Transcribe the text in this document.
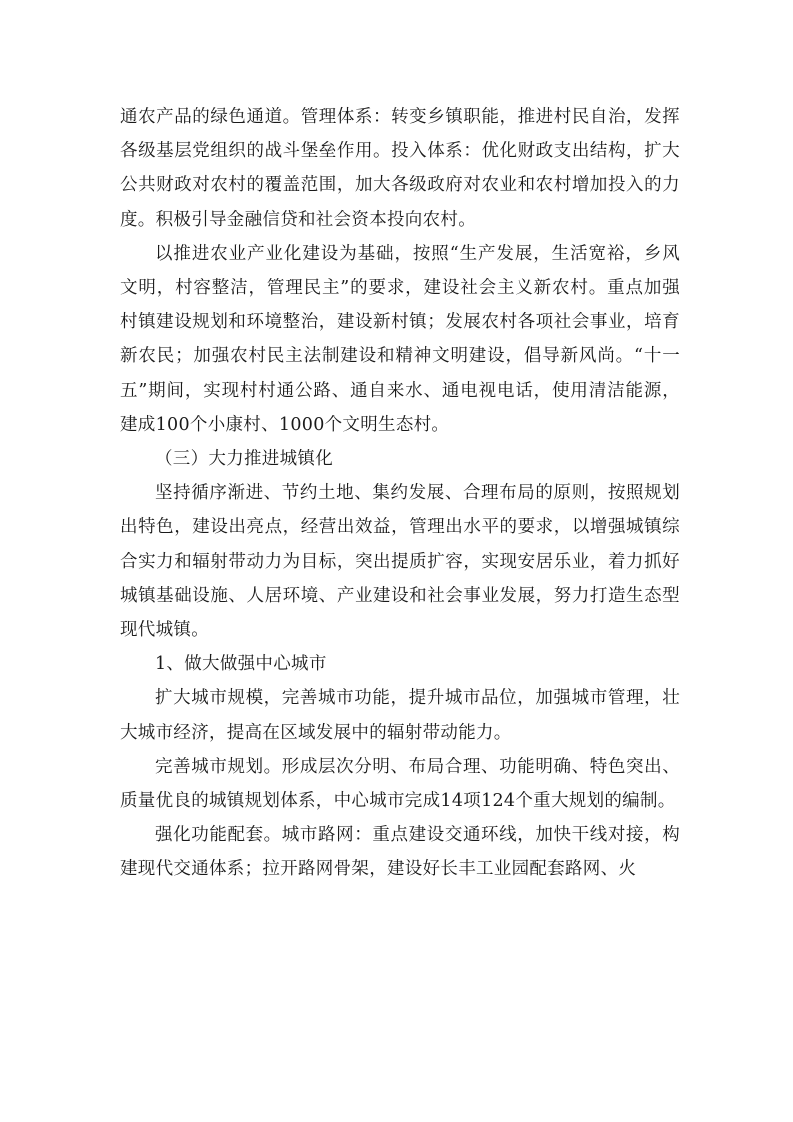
通农产品的绿色通道。管理体系：转变乡镇职能，推进村民自治，发挥各级基层党组织的战斗堡垒作用。投入体系：优化财政支出结构，扩大公共财政对农村的覆盖范围，加大各级政府对农业和农村增加投入的力度。积极引导金融信贷和社会资本投向农村。

以推进农业产业化建设为基础，按照“生产发展，生活宽裕，乡风文明，村容整洁，管理民主”的要求，建设社会主义新农村。重点加强村镇建设规划和环境整治，建设新村镇；发展农村各项社会事业，培育新农民；加强农村民主法制建设和精神文明建设，倡导新风尚。“十一五”期间，实现村村通公路、通自来水、通电视电话，使用清洁能源，建成100个小康村、1000个文明生态村。

（三）大力推进城镇化

坚持循序渐进、节约土地、集约发展、合理布局的原则，按照规划出特色，建设出亮点，经营出效益，管理出水平的要求，以增强城镇综合实力和辐射带动力为目标，突出提质扩容，实现安居乐业，着力抓好城镇基础设施、人居环境、产业建设和社会事业发展，努力打造生态型现代城镇。

1、做大做强中心城市

扩大城市规模，完善城市功能，提升城市品位，加强城市管理，壮大城市经济，提高在区域发展中的辐射带动能力。

完善城市规划。形成层次分明、布局合理、功能明确、特色突出、质量优良的城镇规划体系，中心城市完成14项124个重大规划的编制。

强化功能配套。城市路网：重点建设交通环线，加快干线对接，构建现代交通体系；拉开路网骨架，建设好长丰工业园配套路网、火
